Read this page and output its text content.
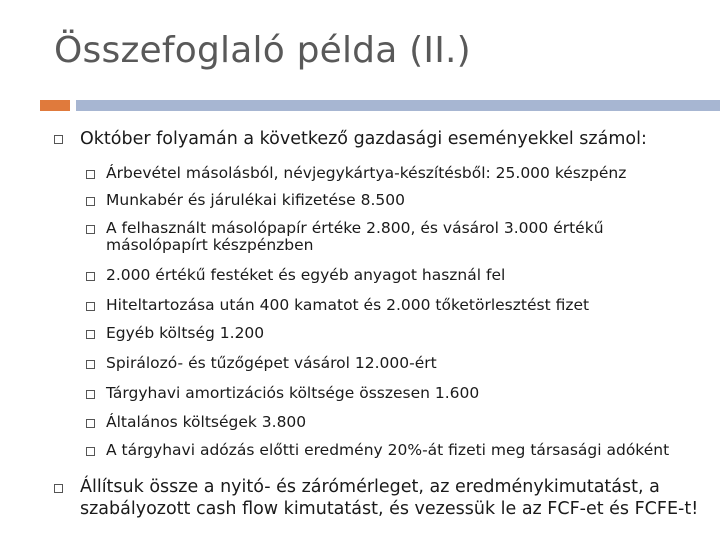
Összefoglaló példa (II.)
Október folyamán a következő gazdasági eseményekkel számol:
Árbevétel másolásból, névjegykártya-készítésből: 25.000 készpénz
Munkabér és járulékai kifizetése 8.500
A felhasznált másolópapír értéke 2.800, és vásárol 3.000 értékű
másolópapírt készpénzben
2.000 értékű festéket és egyéb anyagot használ fel
Hiteltartozása után 400 kamatot és 2.000 tőketörlesztést fizet
Egyéb költség 1.200
Spirálozó- és tűzőgépet vásárol 12.000-ért
Tárgyhavi amortizációs költsége összesen 1.600
Általános költségek 3.800
A tárgyhavi adózás előtti eredmény 20%-át fizeti meg társasági adóként
Állítsuk össze a nyitó- és zárómérleget, az eredménykimutatást, a
szabályozott cash flow kimutatást, és vezessük le az FCF-et és FCFE-t!
